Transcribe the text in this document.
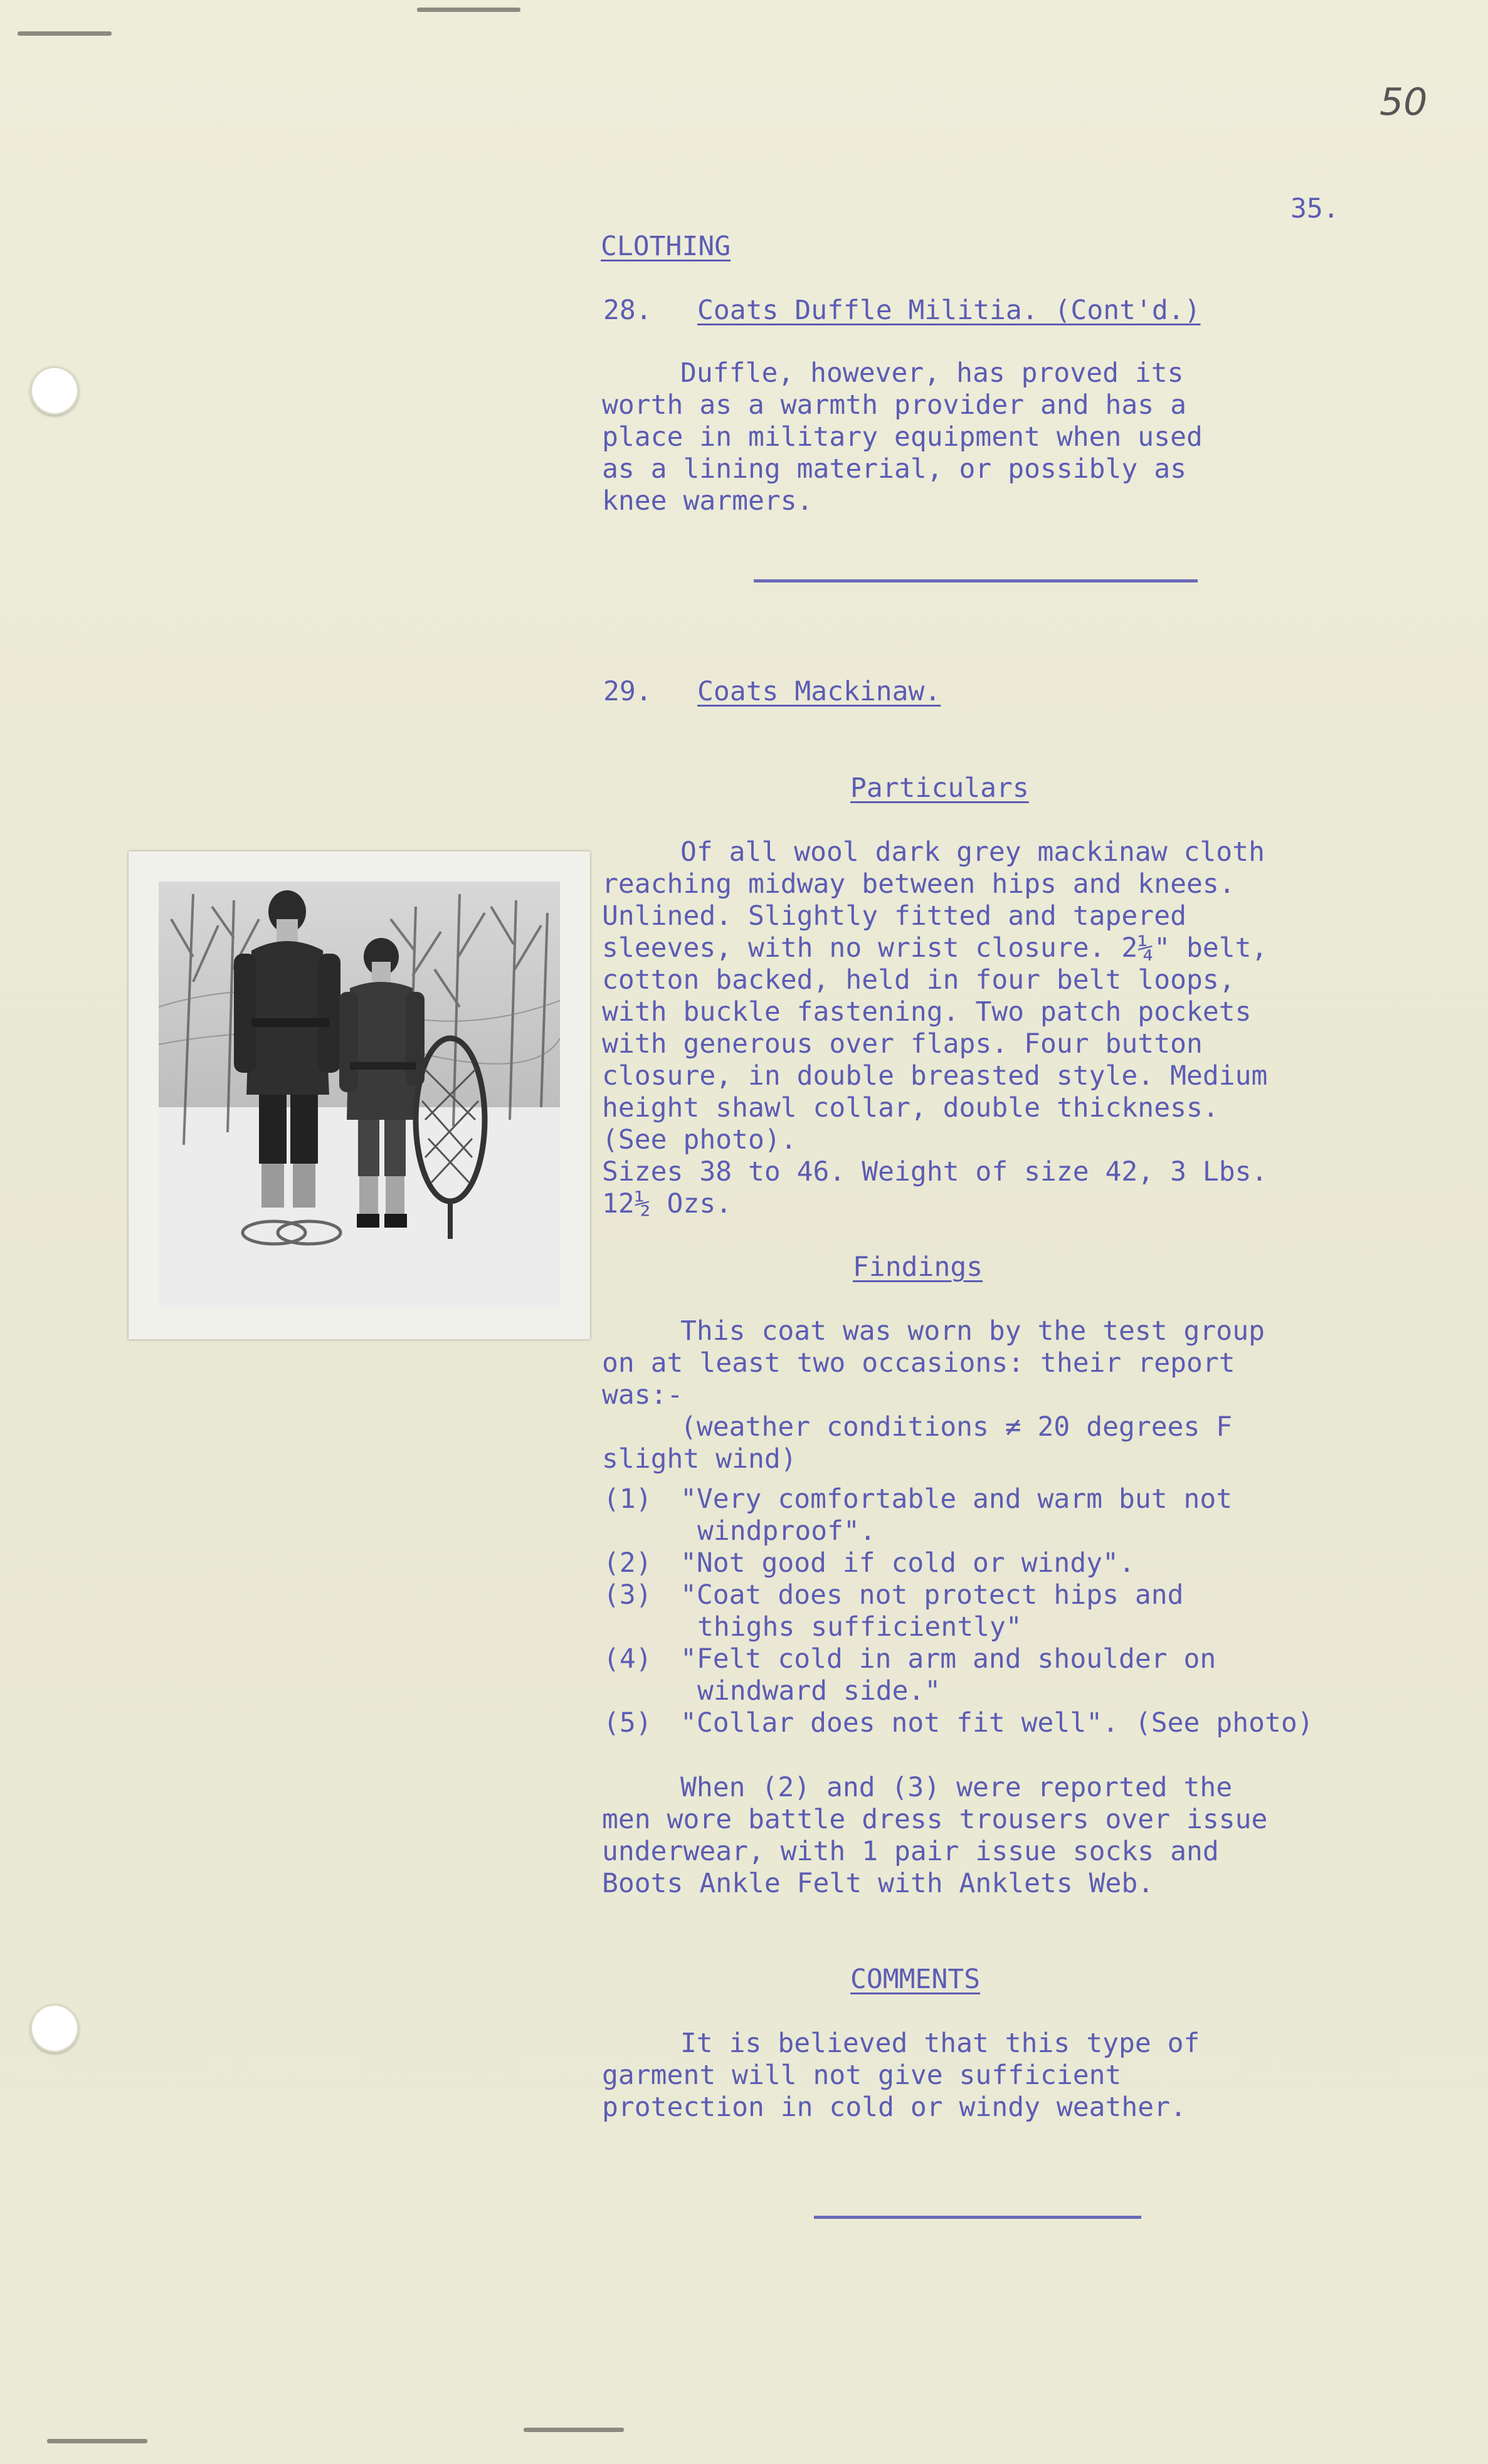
50
35.
CLOTHING
28. Coats Duffle Militia. (Cont'd.)
Duffle, however, has proved its
worth as a warmth provider and has a
place in military equipment when used
as a lining material, or possibly as
knee warmers.
29. Coats Mackinaw.
Particulars
Of all wool dark grey mackinaw cloth
reaching midway between hips and knees.
Unlined. Slightly fitted and tapered
sleeves, with no wrist closure. 2¼" belt,
cotton backed, held in four belt loops,
with buckle fastening. Two patch pockets
with generous over flaps. Four button
closure, in double breasted style. Medium
height shawl collar, double thickness.
(See photo).
Sizes 38 to 46. Weight of size 42, 3 Lbs.
12½ Ozs.
Findings
This coat was worn by the test group
on at least two occasions: their report
was:-
(weather conditions ≠ 20 degrees F
slight wind)
(1) "Very comfortable and warm but not
windproof".
(2) "Not good if cold or windy".
(3) "Coat does not protect hips and
thighs sufficiently"
(4) "Felt cold in arm and shoulder on
windward side."
(5) "Collar does not fit well". (See photo)
When (2) and (3) were reported the
men wore battle dress trousers over issue
underwear, with 1 pair issue socks and
Boots Ankle Felt with Anklets Web.
COMMENTS
It is believed that this type of
garment will not give sufficient
protection in cold or windy weather.
